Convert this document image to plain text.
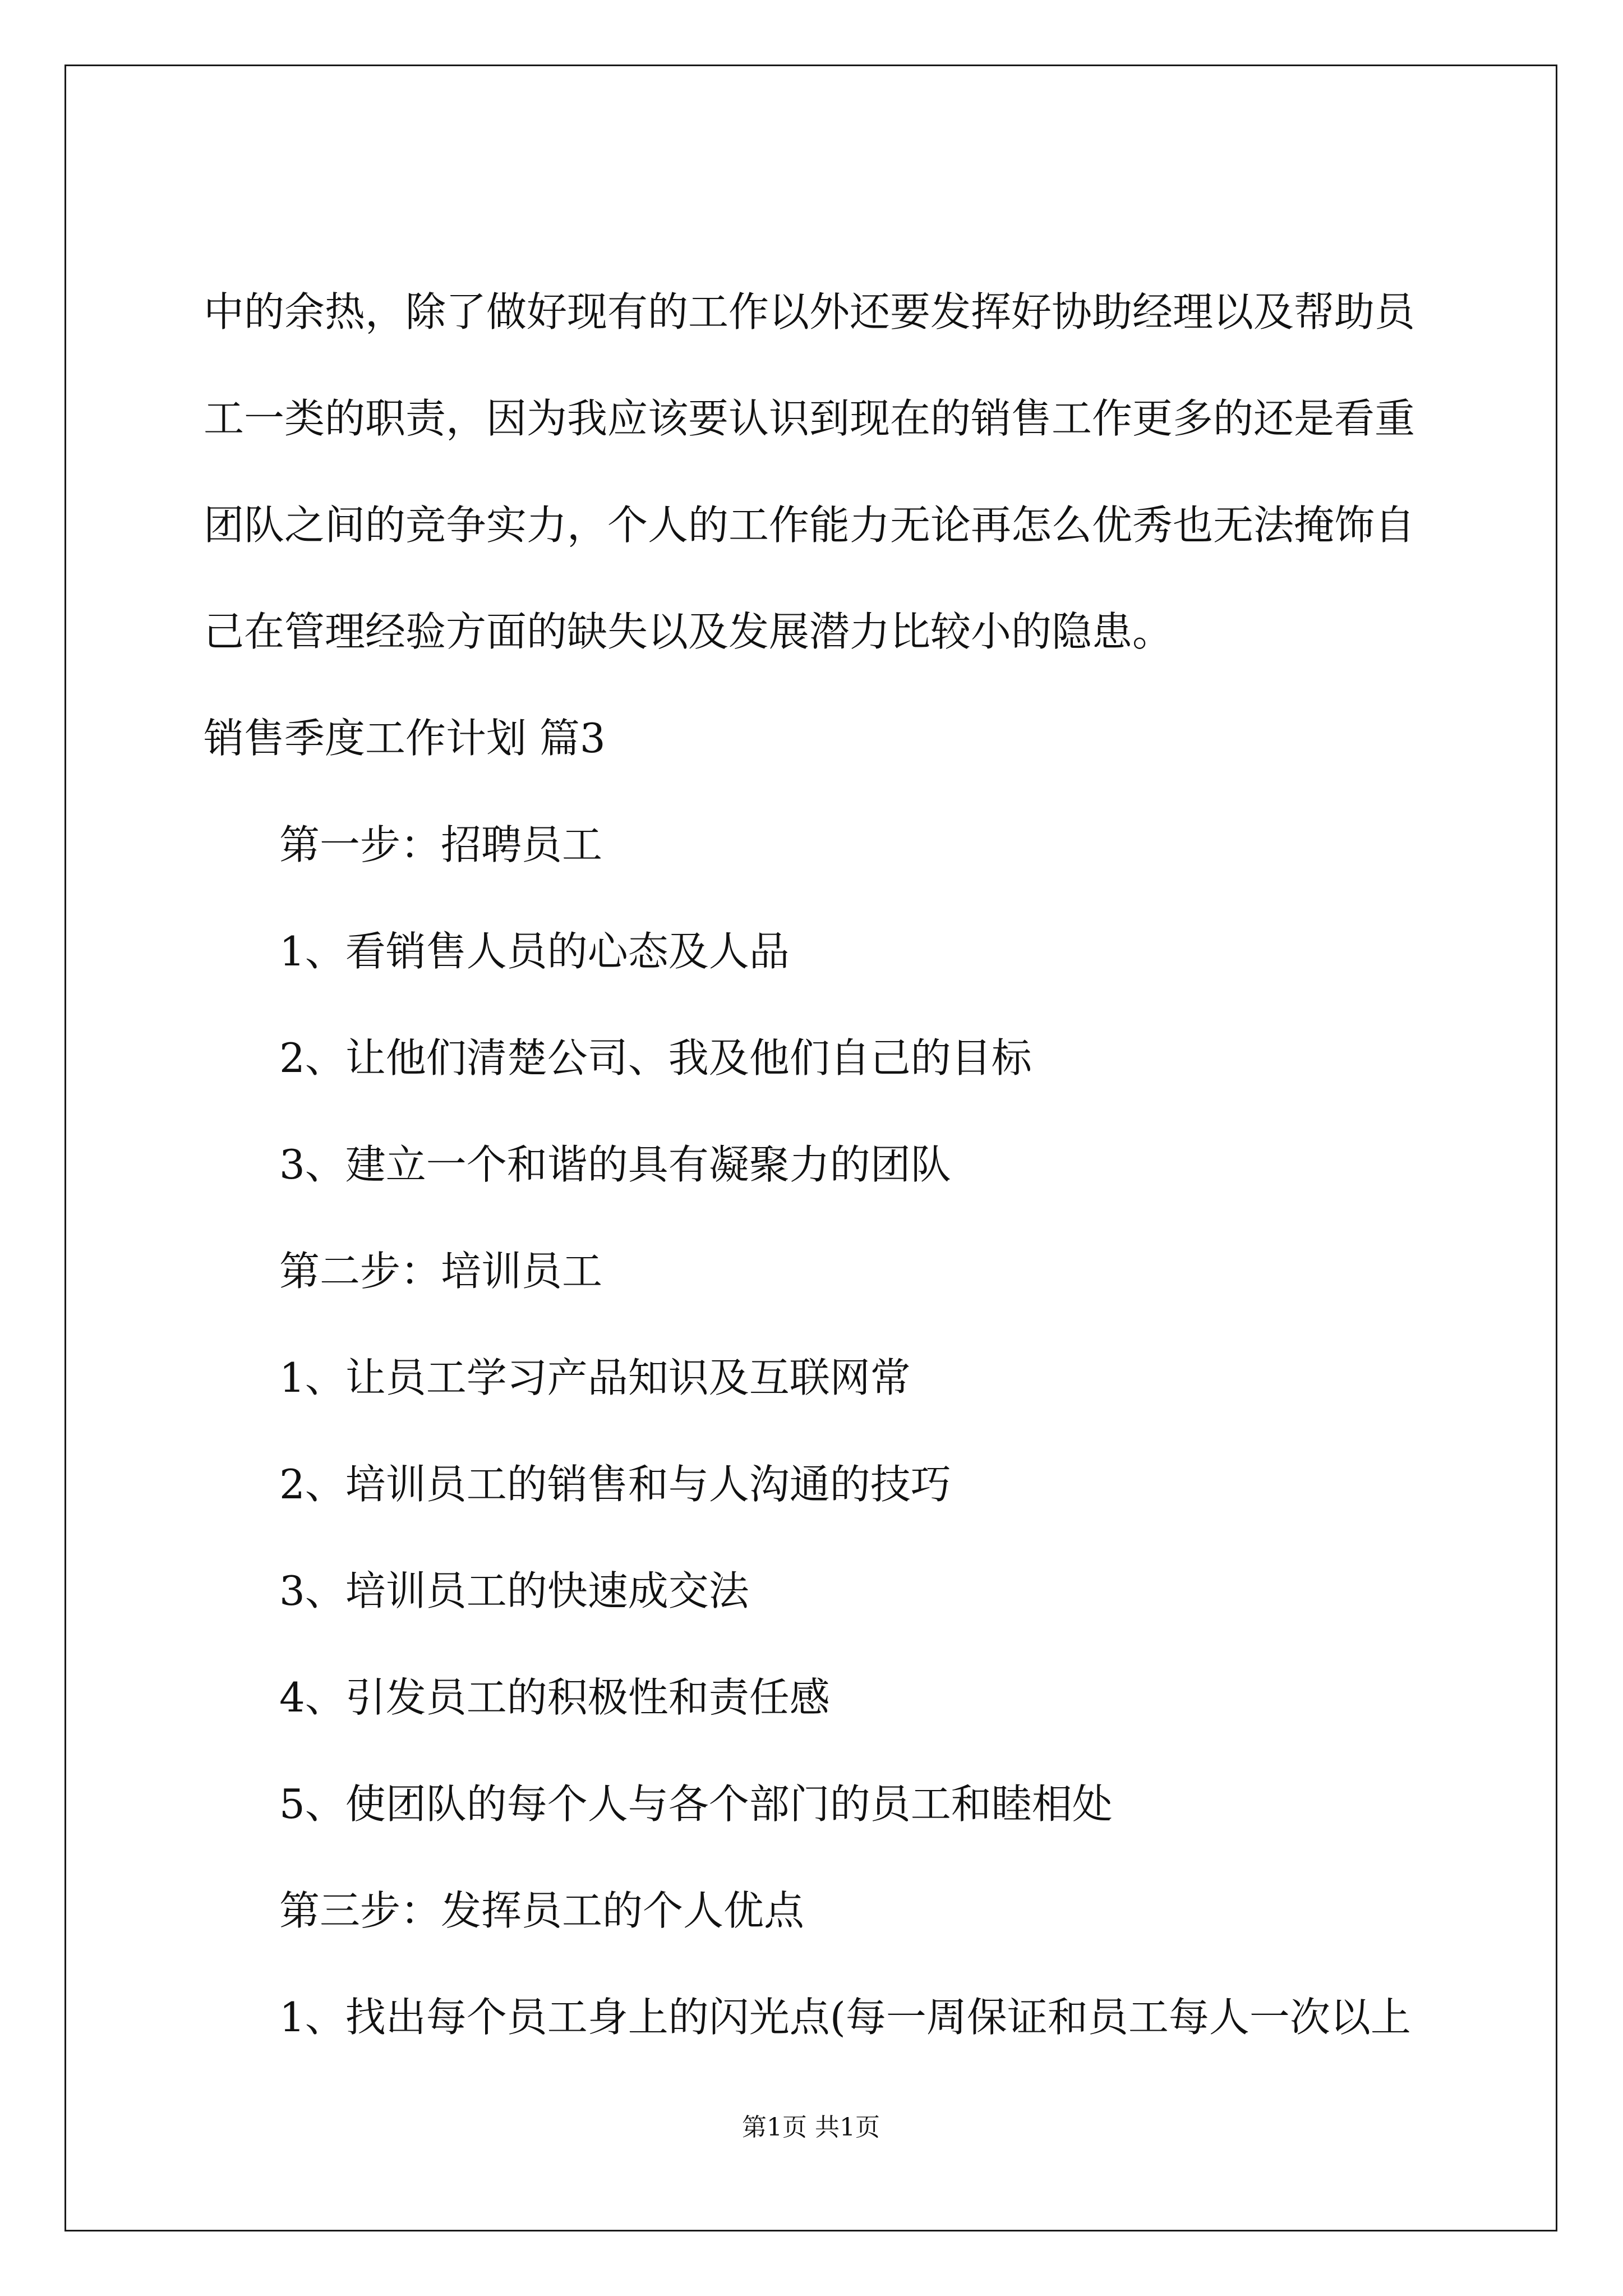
中的余热，除了做好现有的工作以外还要发挥好协助经理以及帮助员
工一类的职责，因为我应该要认识到现在的销售工作更多的还是看重
团队之间的竞争实力，个人的工作能力无论再怎么优秀也无法掩饰自
己在管理经验方面的缺失以及发展潜力比较小的隐患。
销售季度工作计划 篇3
第一步：招聘员工
1、看销售人员的心态及人品
2、让他们清楚公司、我及他们自己的目标
3、建立一个和谐的具有凝聚力的团队
第二步：培训员工
1、让员工学习产品知识及互联网常
2、培训员工的销售和与人沟通的技巧
3、培训员工的快速成交法
4、引发员工的积极性和责任感
5、使团队的每个人与各个部门的员工和睦相处
第三步：发挥员工的个人优点
1、找出每个员工身上的闪光点(每一周保证和员工每人一次以上
第1页 共1页
